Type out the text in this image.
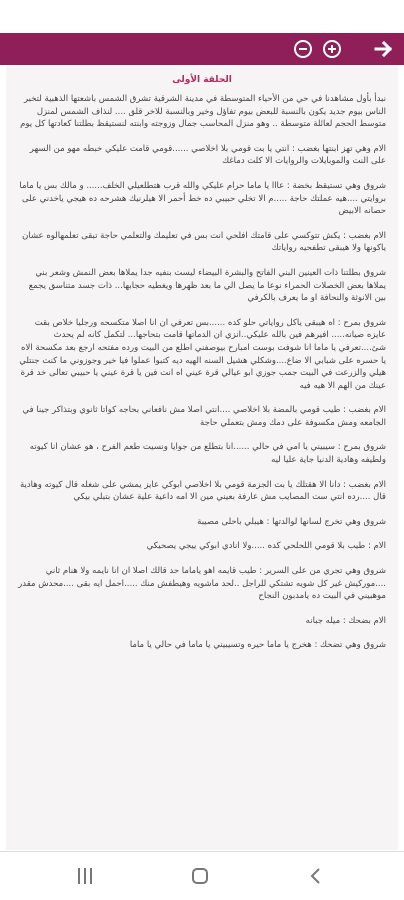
الحلقة الأولى
نبدأ بأول مشاهدنا في حي من الأحياء المتوسطة في مدينة الشرقية تشرق الشمس باشعتها الذهبية لتخبر الناس بيوم جديد يكون بالنسبة للبعض بيوم تفاؤل وخير وبالنسبة للاخر قلق .... لنذاف الشمس لمنزل متوسط الحجم لعائلة متوسطة .. وهو منزل المحاسب جمال وزوجته وابنته لنستيقظ بطلتنا كعادتها كل يوم
الام وهي تهز ابنتها بغضب : انتي يا بت قومي بلا اخلاصي ......قومي قامت عليكي خبطه مهو من السهر على النت والموبايلات والروايات الا كلت دماغك
شروق وهي تستيقظ بخضة : عااا يا ماما حرام عليكي والله قرب هتطلعيلي الخلف...... و مالك بس يا ماما بروايتي ....هيه عملتك حاجة .....م الا تخلي حبيبي ده خط أحمر الا هيلرنيك هشرحه ده هيجي ياخدني على حصانه الابيض
الام بغضب : يكش تتوكسي على قامتك افلحي انت بس في تعليمك والتعلمي حاجة تبقى تعلمهالوه عشان ياكونها ولا هيبقى تطفحيه رواياتك
شروق بطلتنا ذات العينين البني الفاتح والبشرة البيضاء ليست بنفيه جدا يملاها بعض النمش وشعر بني يملاها بعض الخصلات الحمراء نوعا ما يصل الي ما بعد ظهرها ويغطيه حجابها... ذات جسد متناسق يجمع بين الانوثة والنحافة او ما يعرف بالكرفي
شروق بمرح : اه هيبقى ياكل رواياتي حلو كده ......بس تعرفي ان انا اصلا متكسحه ورجليا خلاص بقت عايزه صيانه..... افيرهم فين بالله عليكي..انزي ان الدماتها قامت بتحاجها... لتكمل كانه لم يحدث شئ....تعرفي يا ماما انا شوفت بوست امبارح بيوصفني اطلع من البيت ورده مفتحه ارجع بعد مكسحة الاه يا حسره على شبابي الا ضاع....وشكلي هشيل السنه الهيه ديه كتبوا عملوا فيا خير وجوزوني ما كنت جنتلي هيلي والزرعت في البيت جمب جوزي ابو عيالي قرة عيني اه انت فين يا قرة عيني يا حبيبي تعالى خد قرة عينك من الهم الا هيه فيه
الام بغضب : طيب قومي بالمضة بلا اخلاصي ....انتي اصلا مش نافعاني بحاجه كواتا ثانوي وبتذاكر جينا في الجامعه ومش مكسوفة على دمك ومش بتعملي حاجة
شروق بمرح : سيبيني يا امي في حالي ......انا بتطلع من جوايا ونسيت طعم الفرح ، هو عشان انا كيوته ولطيفه وهادية الدنيا جاية عليا ليه
الام بغضب : دانا الا هقتلك يا بت الجزمة قومي بلا اخلاصي ابوكي عايز يمشي على شغله قال كيوته وهادية قال ....رده انتي ست المصايب مش عارفة بعيني مين الا امه داعية علية عشان بتبلي بيكي
شروق وهي تخرج لسانها لوالدتها : هيبلي باحلى مصيبة
الام : طيب بلا قومي اللحلحي كده .....ولا انادي ابوكي ييجي يصحيكي
شروق وهي تجري من على السرير : طيب قايمه اهو ياماما حد قالك اصلا ان انا نايمه ولا هنام ثاني ....موركيش غير كل شويه تشتكي للراجل ..لحد ماشويه وهيطفش منك .....احمل ايه بقى ....محدش مقدر موهبيني في البيت ده يامدبون النجاح
الام بضحك : ميله جبانه
شروق وهي تضحك : هخرج يا ماما حيره وتسيبيني يا ماما في حالي يا ماما
